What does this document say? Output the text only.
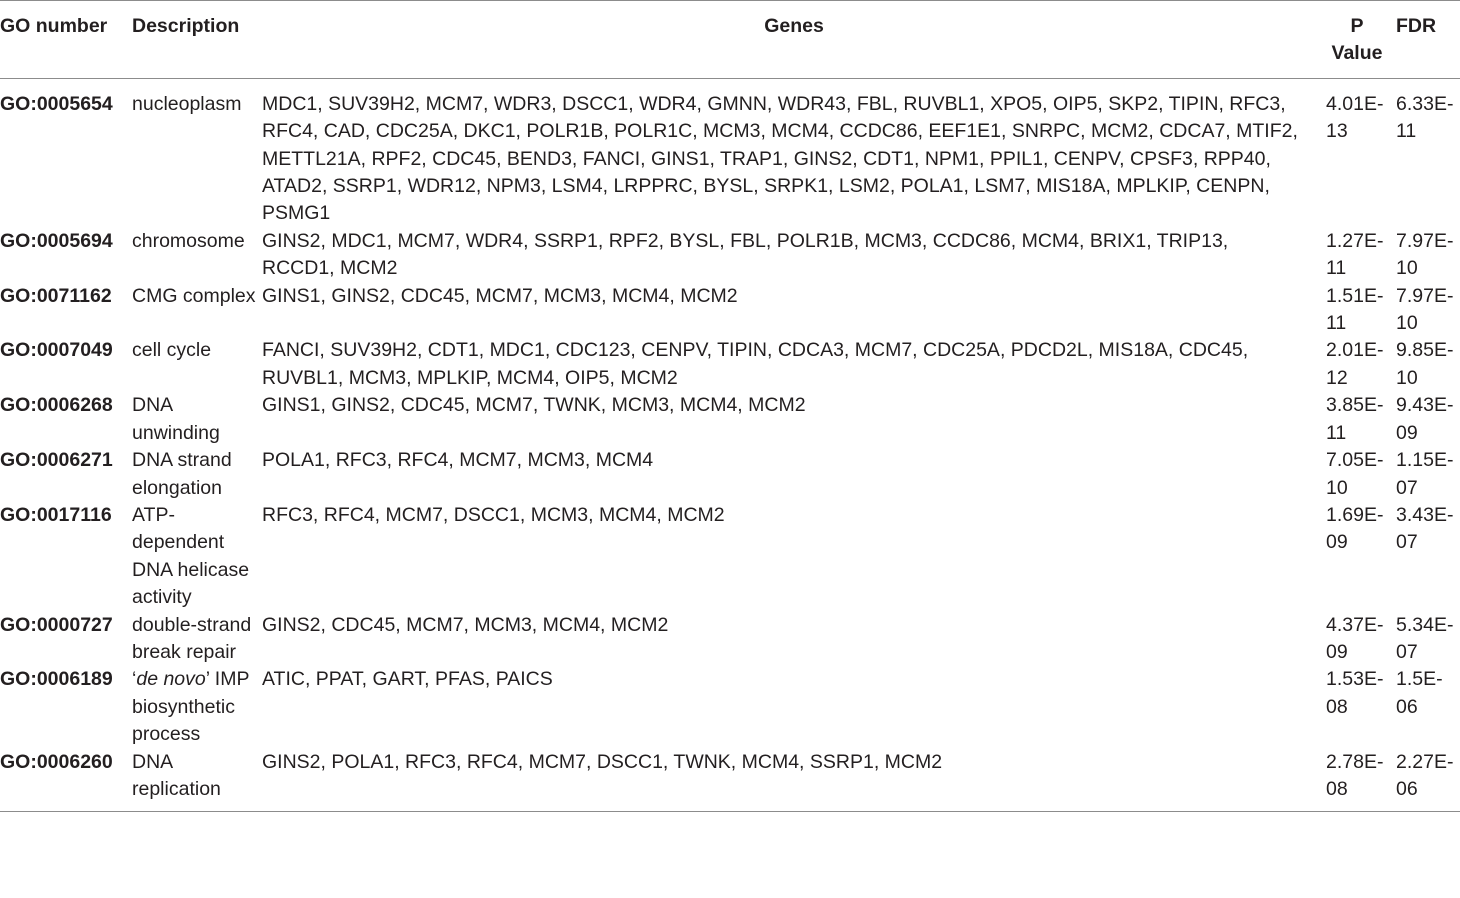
GO number	Description	Genes	P Value	FDR
GO:0005654	nucleoplasm	MDC1, SUV39H2, MCM7, WDR3, DSCC1, WDR4, GMNN, WDR43, FBL, RUVBL1, XPO5, OIP5, SKP2, TIPIN, RFC3, RFC4, CAD, CDC25A, DKC1, POLR1B, POLR1C, MCM3, MCM4, CCDC86, EEF1E1, SNRPC, MCM2, CDCA7, MTIF2, METTL21A, RPF2, CDC45, BEND3, FANCI, GINS1, TRAP1, GINS2, CDT1, NPM1, PPIL1, CENPV, CPSF3, RPP40, ATAD2, SSRP1, WDR12, NPM3, LSM4, LRPPRC, BYSL, SRPK1, LSM2, POLA1, LSM7, MIS18A, MPLKIP, CENPN, PSMG1	4.01E-13	6.33E-11
GO:0005694	chromosome	GINS2, MDC1, MCM7, WDR4, SSRP1, RPF2, BYSL, FBL, POLR1B, MCM3, CCDC86, MCM4, BRIX1, TRIP13, RCCD1, MCM2	1.27E-11	7.97E-10
GO:0071162	CMG complex	GINS1, GINS2, CDC45, MCM7, MCM3, MCM4, MCM2	1.51E-11	7.97E-10
GO:0007049	cell cycle	FANCI, SUV39H2, CDT1, MDC1, CDC123, CENPV, TIPIN, CDCA3, MCM7, CDC25A, PDCD2L, MIS18A, CDC45, RUVBL1, MCM3, MPLKIP, MCM4, OIP5, MCM2	2.01E-12	9.85E-10
GO:0006268	DNA unwinding	GINS1, GINS2, CDC45, MCM7, TWNK, MCM3, MCM4, MCM2	3.85E-11	9.43E-09
GO:0006271	DNA strand elongation	POLA1, RFC3, RFC4, MCM7, MCM3, MCM4	7.05E-10	1.15E-07
GO:0017116	ATP-dependent DNA helicase activity	RFC3, RFC4, MCM7, DSCC1, MCM3, MCM4, MCM2	1.69E-09	3.43E-07
GO:0000727	double-strand break repair	GINS2, CDC45, MCM7, MCM3, MCM4, MCM2	4.37E-09	5.34E-07
GO:0006189	‘de novo’ IMP biosynthetic process	ATIC, PPAT, GART, PFAS, PAICS	1.53E-08	1.5E-06
GO:0006260	DNA replication	GINS2, POLA1, RFC3, RFC4, MCM7, DSCC1, TWNK, MCM4, SSRP1, MCM2	2.78E-08	2.27E-06
